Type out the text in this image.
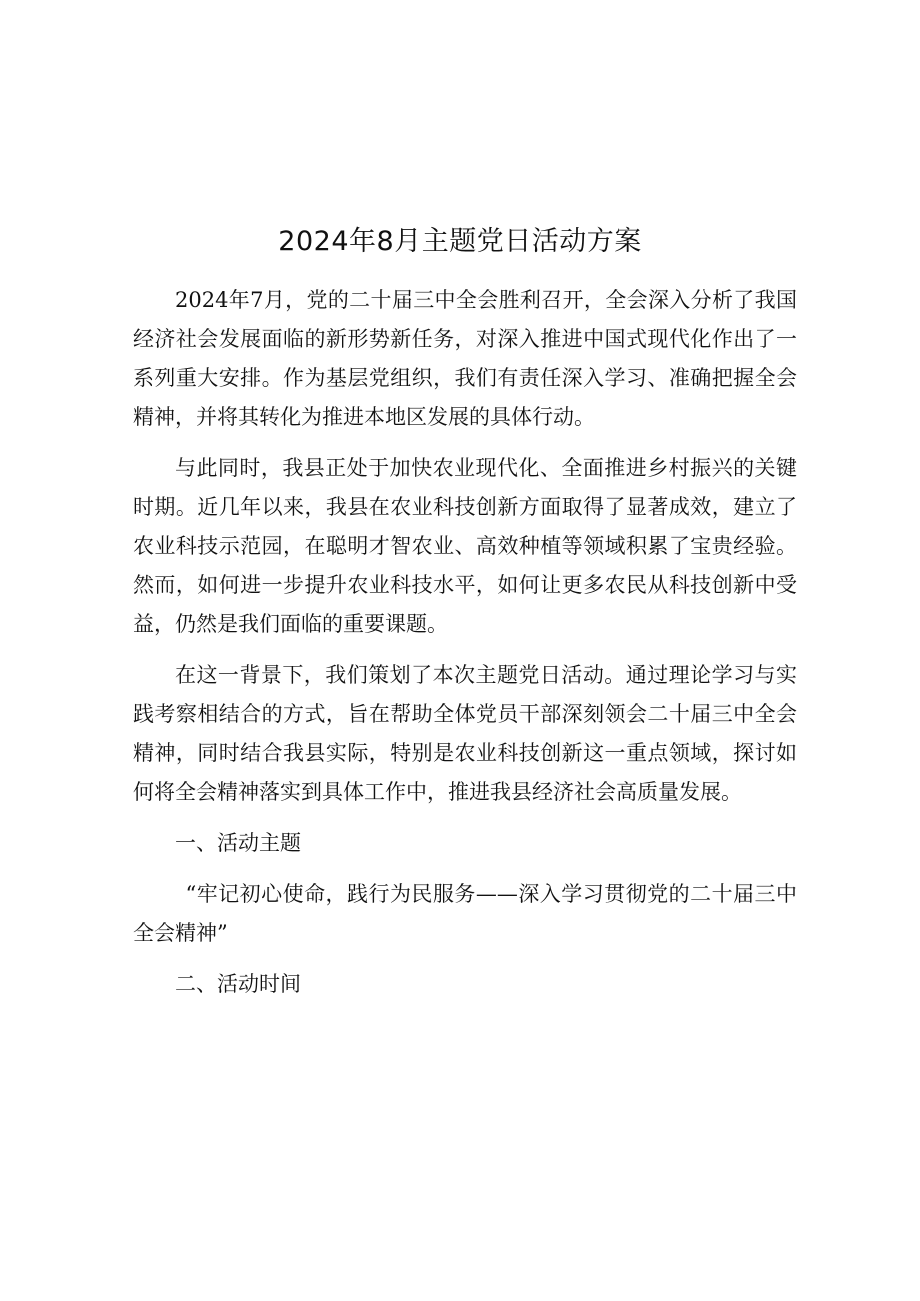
2024年8月主题党日活动方案

2024年7月，党的二十届三中全会胜利召开，全会深入分析了我国经济社会发展面临的新形势新任务，对深入推进中国式现代化作出了一系列重大安排。作为基层党组织，我们有责任深入学习、准确把握全会精神，并将其转化为推进本地区发展的具体行动。

与此同时，我县正处于加快农业现代化、全面推进乡村振兴的关键时期。近几年以来，我县在农业科技创新方面取得了显著成效，建立了农业科技示范园，在聪明才智农业、高效种植等领域积累了宝贵经验。然而，如何进一步提升农业科技水平，如何让更多农民从科技创新中受益，仍然是我们面临的重要课题。

在这一背景下，我们策划了本次主题党日活动。通过理论学习与实践考察相结合的方式，旨在帮助全体党员干部深刻领会二十届三中全会精神，同时结合我县实际，特别是农业科技创新这一重点领域，探讨如何将全会精神落实到具体工作中，推进我县经济社会高质量发展。

一、活动主题

“牢记初心使命，践行为民服务——深入学习贯彻党的二十届三中全会精神”

二、活动时间
